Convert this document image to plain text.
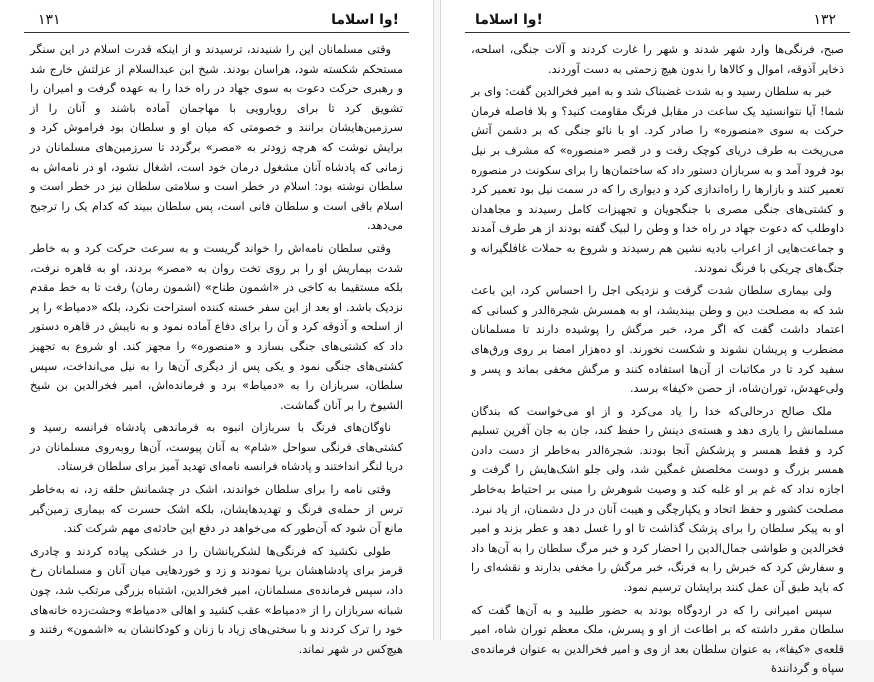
۱۳۱	وا اسلاما!

وقتی مسلمانان این را شنیدند، ترسیدند و از اینکه قدرت اسلام در این سنگر مستحکم شکسته شود، هراسان بودند. شیخ ابن عبدالسلام از عزلتش خارج شد و رهبری حرکت دعوت به سوی جهاد در راه خدا را به عهده گرفت و امیران را تشویق کرد تا برای رویارویی با مهاجمان آماده باشند و آنان را از سرزمین‌هایشان برانند و خصومتی که میان او و سلطان بود فراموش کرد و برایش نوشت که هرچه زودتر به «مصر» برگردد تا سرزمین‌های مسلمانان در زمانی که پادشاه آنان مشغول درمان خود است، اشغال نشود، او در نامه‌اش به سلطان نوشته بود: اسلام در خطر است و سلامتی سلطان نیز در خطر است و اسلام باقی است و سلطان فانی است، پس سلطان ببیند که کدام یک را ترجیح می‌دهد.

وقتی سلطان نامه‌اش را خواند گریست و به سرعت حرکت کرد و به خاطر شدت بیماریش او را بر روی تخت روان به «مصر» بردند، او به قاهره نرفت، بلکه مستقیما به کاخی در «اشمون طناح» (اشمون رمان) رفت تا به خط مقدم نزدیک باشد. او بعد از این سفر خسته کننده استراحت نکرد، بلکه «دمیاط» را پر از اسلحه و آذوقه کرد و آن را برای دفاع آماده نمود و به نایبش در قاهره دستور داد که کشتی‌های جنگی بسازد و «منصوره» را مجهز کند. او شروع به تجهیز کشتی‌های جنگی نمود و یکی پس از دیگری آن‌ها را به نیل می‌انداخت، سپس سلطان، سربازان را به «دمیاط» برد و فرمانده‌اش، امیر فخرالدین بن شیخ الشیوخ را بر آنان گماشت.

ناوگان‌های فرنگ با سربازان انبوه به فرماندهی پادشاه فرانسه رسید و کشتی‌های فرنگی سواحل «شام» به آنان پیوست، آن‌ها روبه‌روی مسلمانان در دریا لنگر انداختند و پادشاه فرانسه نامه‌ای تهدید آمیز برای سلطان فرستاد.

وقتی نامه را برای سلطان خواندند، اشک در چشمانش حلقه زد، نه به‌خاطر ترس از حمله‌ی فرنگ و تهدیدهایشان، بلکه اشک حسرت که بیماری زمین‌گیر مانع آن شود که آن‌طور که می‌خواهد در دفع این حادثه‌ی مهم شرکت کند.

طولی نکشید که فرنگی‌ها لشکریانشان را در خشکی پیاده کردند و چادری قرمز برای پادشاهشان برپا نمودند و زد و خوردهایی میان آنان و مسلمانان رخ داد، سپس فرمانده‌ی مسلمانان، امیر فخرالدین، اشتباه بزرگی مرتکب شد، چون شبانه سربازان را از «دمیاط» عقب کشید و اهالی «دمیاط» وحشت‌زده خانه‌های خود را ترک کردند و با سختی‌های زیاد با زنان و کودکانشان به «اشمون» رفتند و هیچ‌کس در شهر نماند.

۱۳۲
وا اسلاما!

صبح، فرنگی‌ها وارد شهر شدند و شهر را غارت کردند و آلات جنگی، اسلحه، ذخایر آذوقه، اموال و کالاها را بدون هیچ زحمتی به دست آوردند.

خبر به سلطان رسید و به شدت غضبناک شد و به امیر فخرالدین گفت: وای بر شما! آیا نتوانستید یک ساعت در مقابل فرنگ مقاومت کنید؟ و بلا فاصله فرمان حرکت به سوی «منصوره» را صادر کرد. او با نائو جنگی که بر دشمن آتش می‌ریخت به طرف دریای کوچک رفت و در قصر «منصوره» که مشرف بر نیل بود فرود آمد و به سربازان دستور داد که ساختمان‌ها را برای سکونت در منصوره تعمیر کنند و بازارها را راه‌اندازی کرد و دیواری را که در سمت نیل بود تعمیر کرد و کشتی‌های جنگی مصری با جنگجویان و تجهیزات کامل رسیدند و مجاهدان داوطلب که دعوت جهاد در راه خدا و وطن را لبیک گفته بودند از هر طرف آمدند و جماعت‌هایی از اعراب بادیه نشین هم رسیدند و شروع به حملات غافلگیرانه و جنگ‌های چریکی با فرنگ نمودند.

ولی بیماری سلطان شدت گرفت و نزدیکی اجل را احساس کرد، این باعث شد که به مصلحت دین و وطن بیندیشد، او به همسرش شجرةالدر و کسانی که اعتماد داشت گفت که اگر مرد، خبر مرگش را پوشیده دارند تا مسلمانان مضطرب و پریشان نشوند و شکست نخورند. او ده‌هزار امضا بر روی ورق‌های سفید کرد تا در مکاتبات از آن‌ها استفاده کنند و مرگش مخفی بماند و پسر و ولی‌عهدش، توران‌شاه، از حصن «کیفا» برسد.

ملک صالح درحالی‌که خدا را یاد می‌کرد و از او می‌خواست که بندگان مسلمانش را یاری دهد و هسته‌ی دینش را حفظ کند، جان به جان آفرین تسلیم کرد و فقط همسر و پزشکش آنجا بودند. شجرةالدر به‌خاطر از دست دادن همسر بزرگ و دوست مخلصش غمگین شد، ولی جلو اشک‌هایش را گرفت و اجازه نداد که غم بر او غلبه کند و وصیت شوهرش را مبنی بر احتیاط به‌خاطر مصلحت کشور و حفظ اتحاد و یکپارچگی و هیبت آنان در دل دشمنان، از یاد نبرد. او به پیکر سلطان را برای پزشک گذاشت تا او را غسل دهد و عطر بزند و امیر فخرالدین و طواشی جمال‌الدین را احضار کرد و خبر مرگ سلطان را به آن‌ها داد و سفارش کرد که خبرش را به فرنگ، خبر مرگش را مخفی بدارند و نقشه‌ای را که باید طبق آن عمل کنند برایشان ترسیم نمود.

سپس امیرانی را که در اردوگاه بودند به حضور طلبید و به آن‌ها گفت که سلطان مقرر داشته که بر اطاعت از او و پسرش، ملک معظم توران شاه، امیر قلعه‌ی «کیفا»، به عنوان سلطان بعد از وی و امیر فخرالدین به عنوان فرمانده‌ی سپاه و گردانندهٔ
